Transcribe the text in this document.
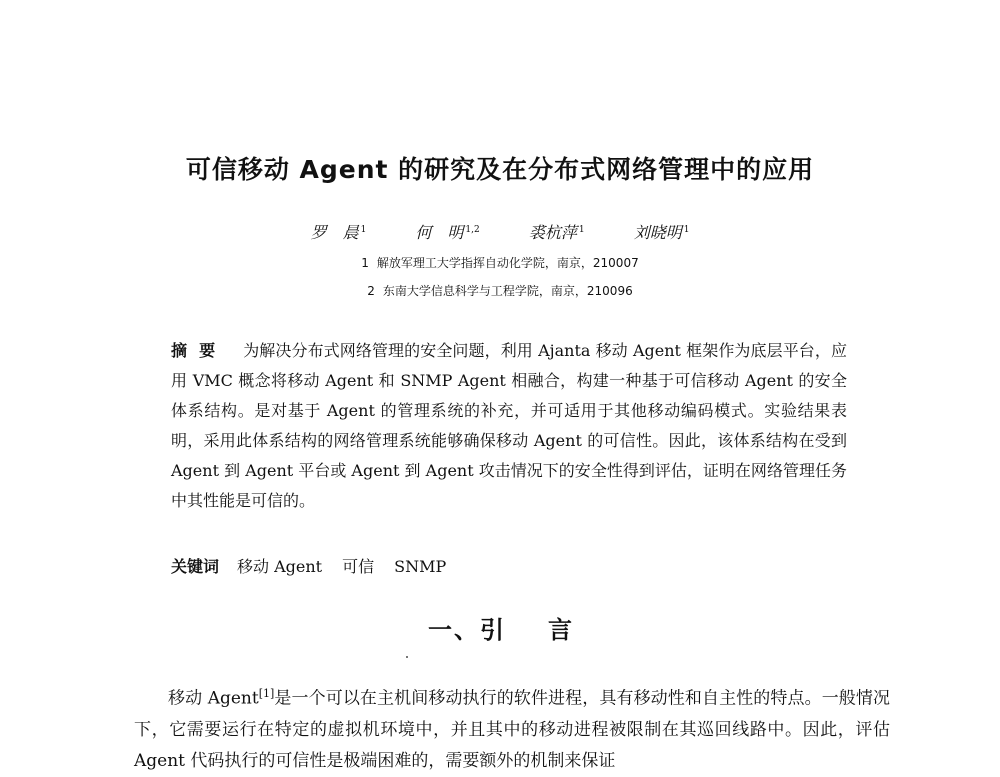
可信移动 Agent 的研究及在分布式网络管理中的应用
罗　晨 $^1$	何　明 $^{1,2}$	裘杭萍 $^1$	刘晓明 $^1$
1 解放军理工大学指挥自动化学院，南京，210007
2 东南大学信息科学与工程学院，南京，210096
摘要 为解决分布式网络管理的安全问题，利用 Ajanta 移动 Agent 框架作为底层平台，应用 VMC 概念将移动 Agent 和 SNMP Agent 相融合，构建一种基于可信移动 Agent 的安全体系结构。是对基于 Agent 的管理系统的补充，并可适用于其他移动编码模式。实验结果表明，采用此体系结构的网络管理系统能够确保移动 Agent 的可信性。因此，该体系结构在受到 Agent 到 Agent 平台或 Agent 到 Agent 攻击情况下的安全性得到评估，证明在网络管理任务中其性能是可信的。
关键词 移动 Agent 可信 SNMP
一、引 言
移动 Agent[1]是一个可以在主机间移动执行的软件进程，具有移动性和自主性的特点。一般情况下，它需要运行在特定的虚拟机环境中，并且其中的移动进程被限制在其巡回线路中。因此，评估 Agent 代码执行的可信性是极端困难的，需要额外的机制来保证
